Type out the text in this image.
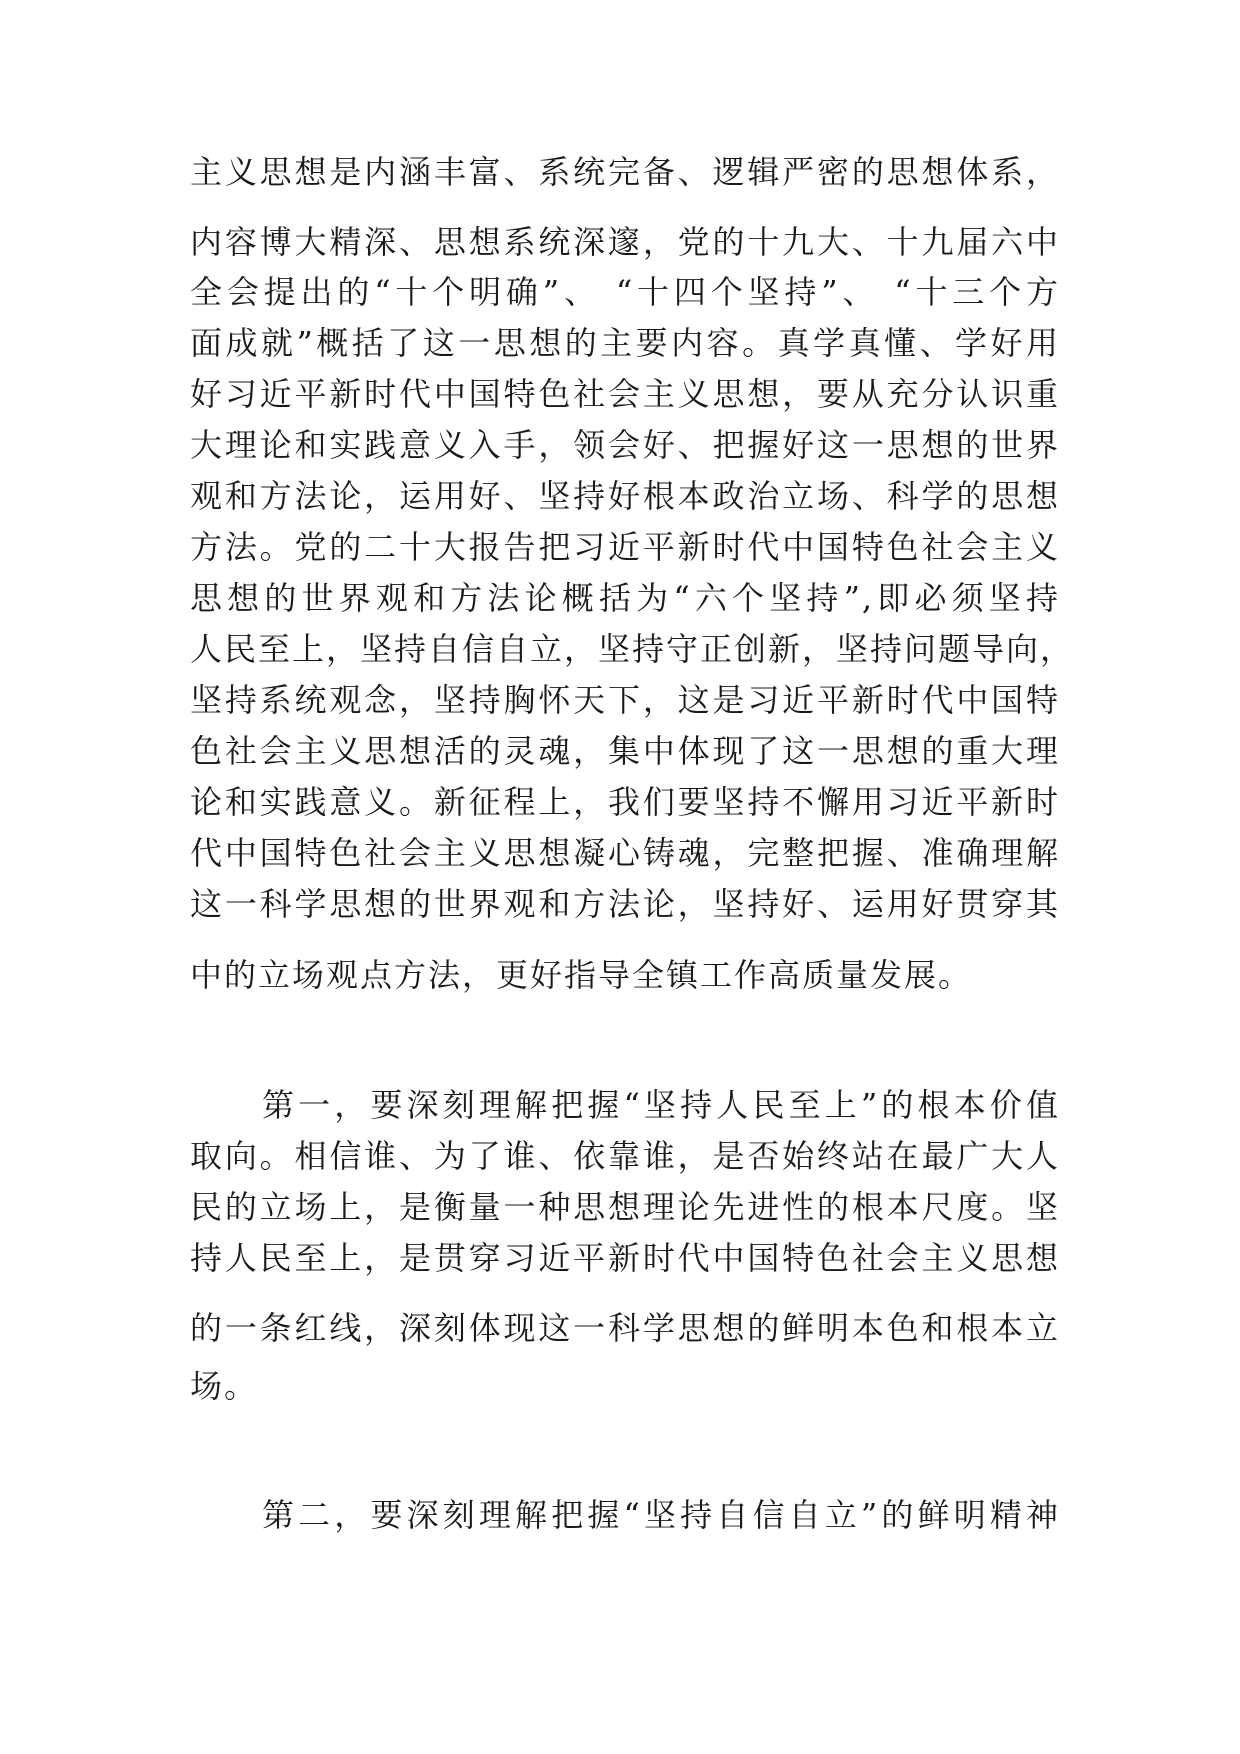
主义思想是内涵丰富、系统完备、逻辑严密的思想体系，
内容博大精深、思想系统深邃，党的十九大、十九届六中
全会提出的“十个明确”、 “十四个坚持”、 “十三个方
面成就”概括了这一思想的主要内容。真学真懂、学好用
好习近平新时代中国特色社会主义思想，要从充分认识重
大理论和实践意义入手，领会好、把握好这一思想的世界
观和方法论，运用好、坚持好根本政治立场、科学的思想
方法。党的二十大报告把习近平新时代中国特色社会主义
思想的世界观和方法论概括为“六个坚持”,即必须坚持
人民至上，坚持自信自立，坚持守正创新，坚持问题导向，
坚持系统观念，坚持胸怀天下，这是习近平新时代中国特
色社会主义思想活的灵魂，集中体现了这一思想的重大理
论和实践意义。新征程上，我们要坚持不懈用习近平新时
代中国特色社会主义思想凝心铸魂，完整把握、准确理解
这一科学思想的世界观和方法论，坚持好、运用好贯穿其
中的立场观点方法，更好指导全镇工作高质量发展。
第一，要深刻理解把握“坚持人民至上”的根本价值
取向。相信谁、为了谁、依靠谁，是否始终站在最广大人
民的立场上，是衡量一种思想理论先进性的根本尺度。坚
持人民至上，是贯穿习近平新时代中国特色社会主义思想
的一条红线，深刻体现这一科学思想的鲜明本色和根本立
场。
第二，要深刻理解把握“坚持自信自立”的鲜明精神
